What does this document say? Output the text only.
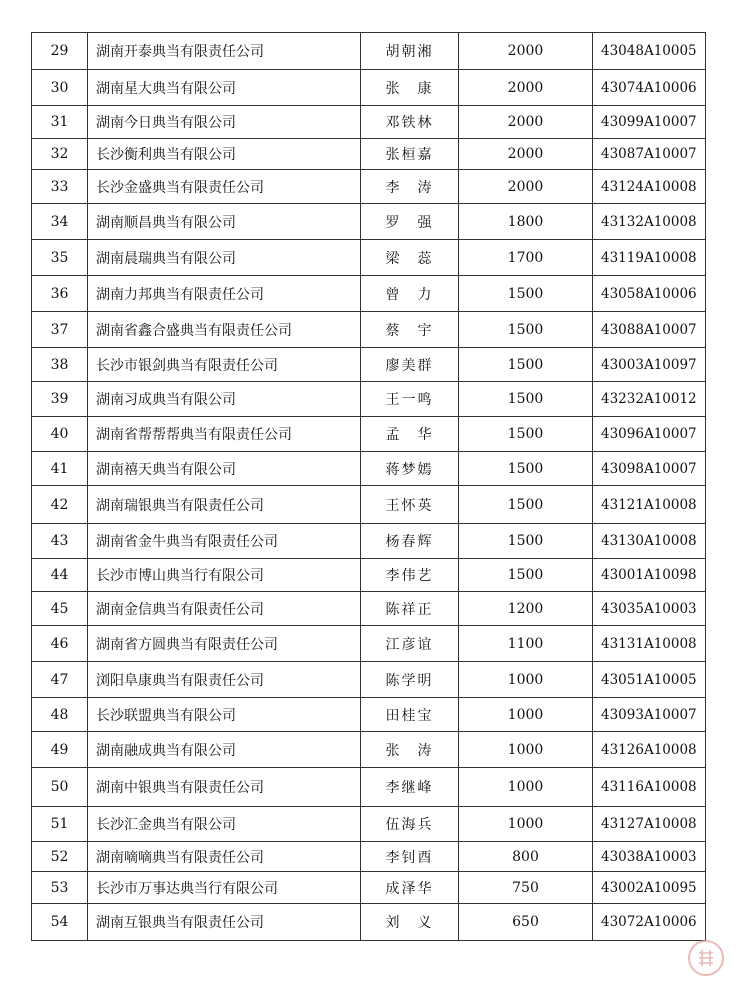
29	湖南开泰典当有限责任公司	胡朝湘	2000	43048A10005
30	湖南星大典当有限公司	张　康	2000	43074A10006
31	湖南今日典当有限公司	邓铁林	2000	43099A10007
32	长沙衡利典当有限公司	张桓嘉	2000	43087A10007
33	长沙金盛典当有限责任公司	李　涛	2000	43124A10008
34	湖南顺昌典当有限公司	罗　强	1800	43132A10008
35	湖南晨瑞典当有限公司	梁　蕊	1700	43119A10008
36	湖南力邦典当有限责任公司	曾　力	1500	43058A10006
37	湖南省鑫合盛典当有限责任公司	蔡　宇	1500	43088A10007
38	长沙市银剑典当有限责任公司	廖美群	1500	43003A10097
39	湖南习成典当有限公司	王一鸣	1500	43232A10012
40	湖南省帮帮帮典当有限责任公司	孟　华	1500	43096A10007
41	湖南禧天典当有限公司	蒋梦嫣	1500	43098A10007
42	湖南瑞银典当有限责任公司	王怀英	1500	43121A10008
43	湖南省金牛典当有限责任公司	杨春辉	1500	43130A10008
44	长沙市博山典当行有限公司	李伟艺	1500	43001A10098
45	湖南金信典当有限责任公司	陈祥正	1200	43035A10003
46	湖南省方圆典当有限责任公司	江彦谊	1100	43131A10008
47	浏阳阜康典当有限责任公司	陈学明	1000	43051A10005
48	长沙联盟典当有限公司	田桂宝	1000	43093A10007
49	湖南融成典当有限公司	张　涛	1000	43126A10008
50	湖南中银典当有限责任公司	李继峰	1000	43116A10008
51	长沙汇金典当有限公司	伍海兵	1000	43127A10008
52	湖南嘀嘀典当有限责任公司	李钊酉	800	43038A10003
53	长沙市万事达典当行有限公司	成泽华	750	43002A10095
54	湖南互银典当有限责任公司	刘　义	650	43072A10006
